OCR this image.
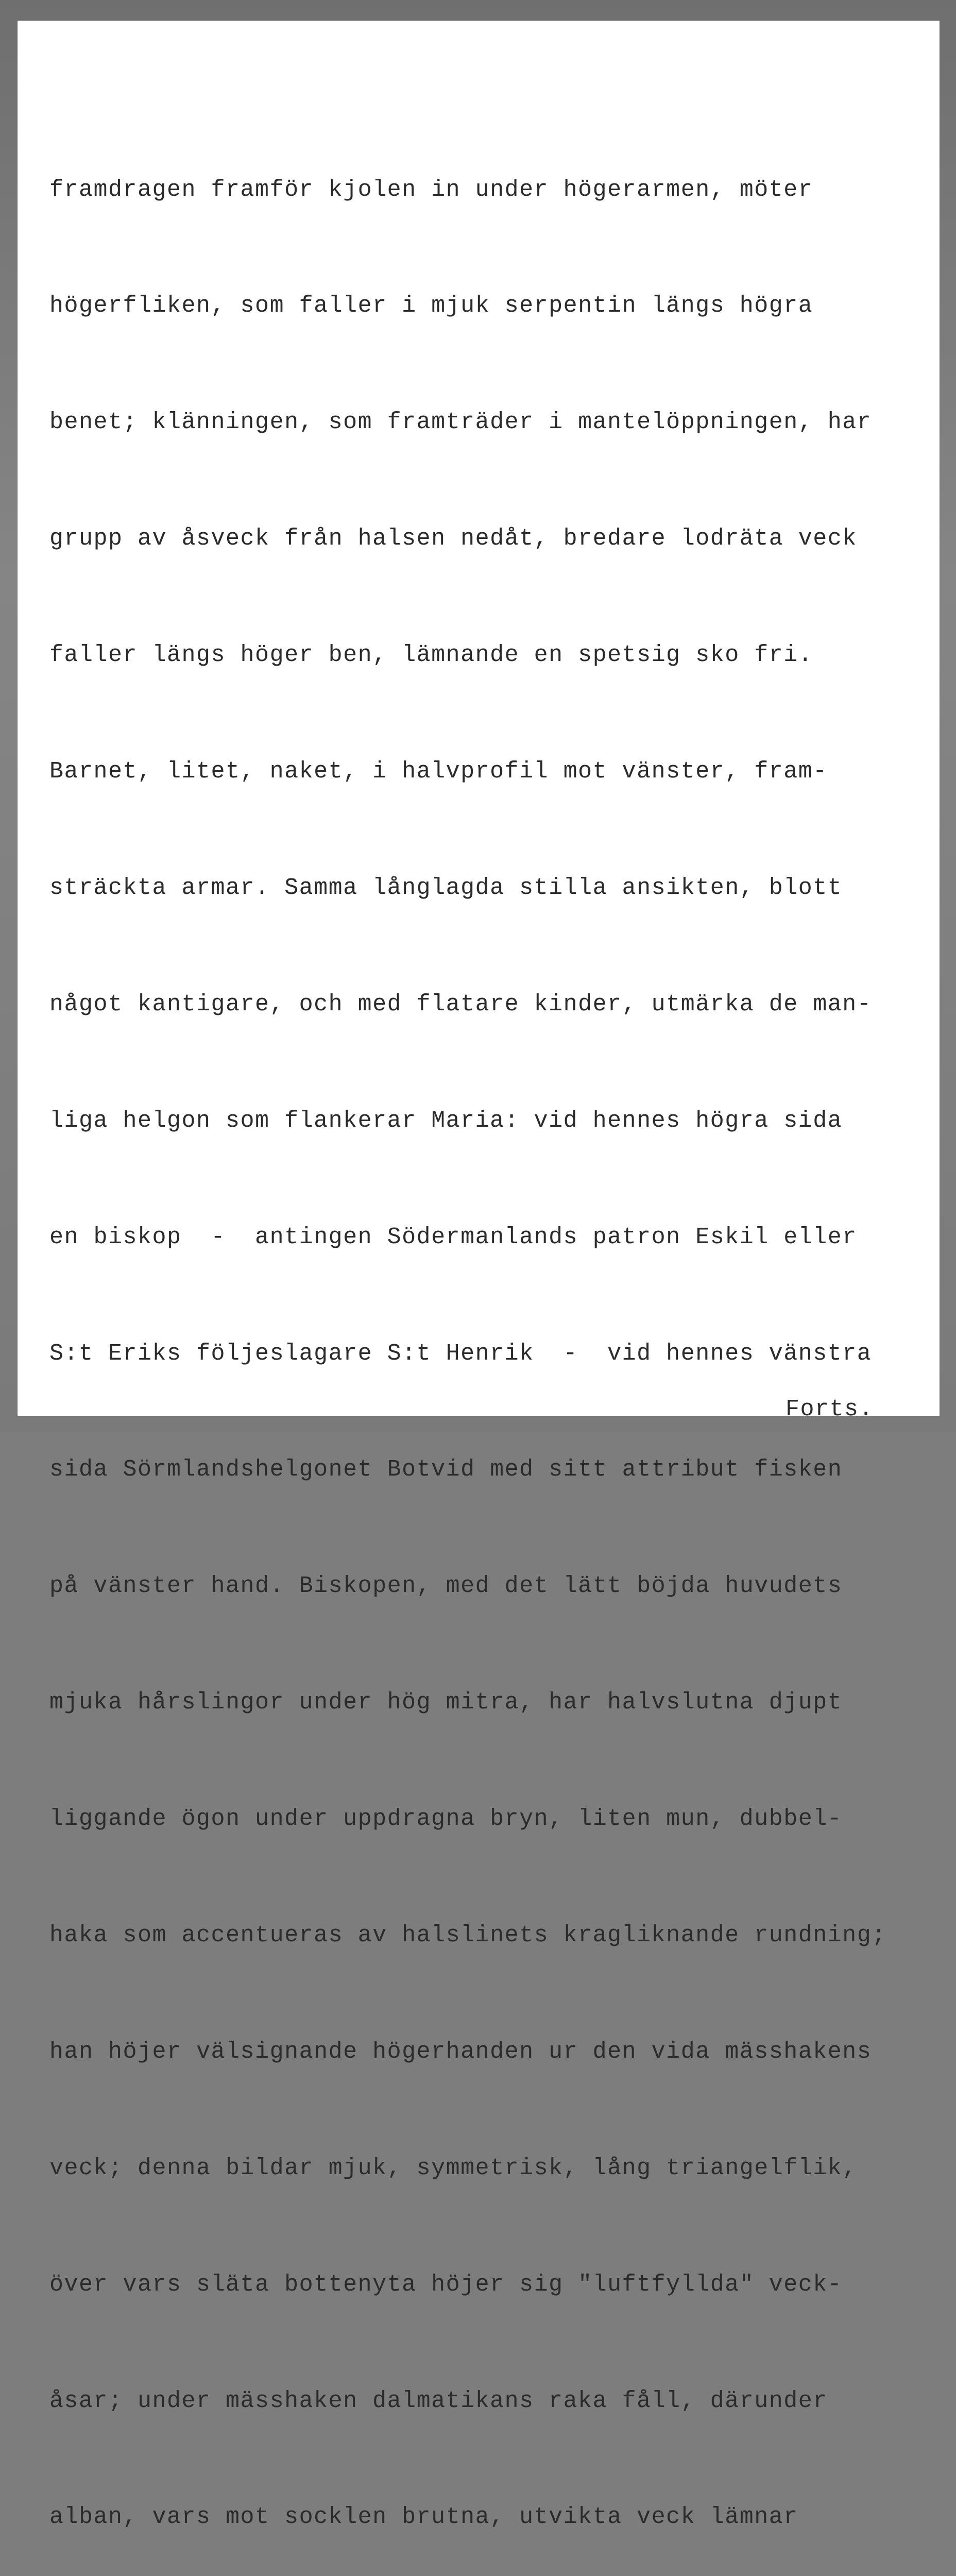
framdragen framför kjolen in under högerarmen, möter

högerfliken, som faller i mjuk serpentin längs högra

benet; klänningen, som framträder i mantelöppningen, har

grupp av åsveck från halsen nedåt, bredare lodräta veck

faller längs höger ben, lämnande en spetsig sko fri.

Barnet, litet, naket, i halvprofil mot vänster, fram-

sträckta armar. Samma långlagda stilla ansikten, blott

något kantigare, och med flatare kinder, utmärka de man-

liga helgon som flankerar Maria: vid hennes högra sida

en biskop  -  antingen Södermanlands patron Eskil eller

S:t Eriks följeslagare S:t Henrik  -  vid hennes vänstra

sida Sörmlandshelgonet Botvid med sitt attribut fisken

på vänster hand. Biskopen, med det lätt böjda huvudets

mjuka hårslingor under hög mitra, har halvslutna djupt

liggande ögon under uppdragna bryn, liten mun, dubbel-

haka som accentueras av halslinets kragliknande rundning;

han höjer välsignande högerhanden ur den vida mässhakens

veck; denna bildar mjuk, symmetrisk, lång triangelflik,

över vars släta bottenyta höjer sig "luftfyllda" veck-

åsar; under mässhaken dalmatikans raka fåll, därunder

alban, vars mot socklen brutna, utvikta veck lämnar

Forts.
